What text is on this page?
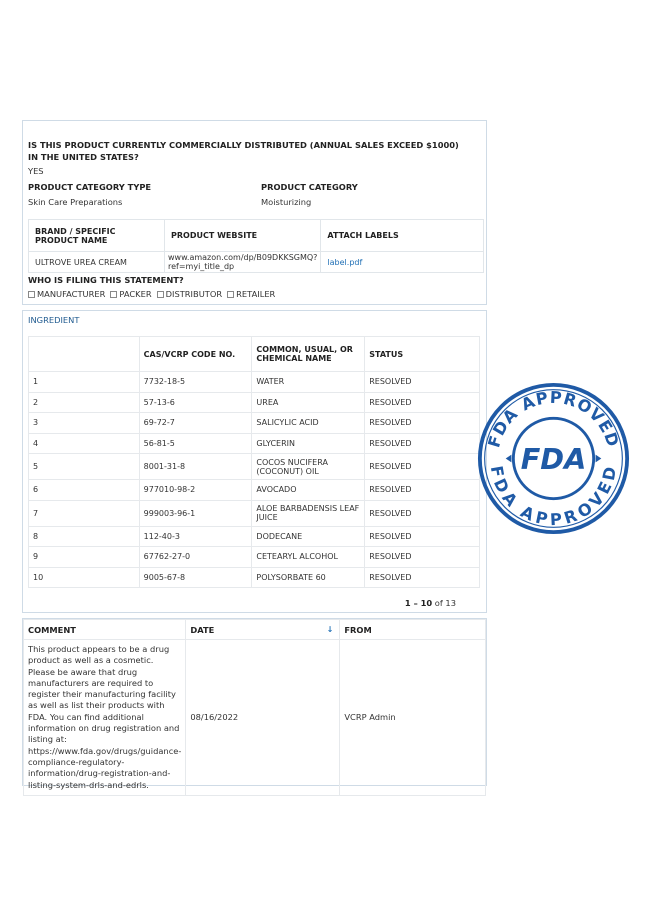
IS THIS PRODUCT CURRENTLY COMMERCIALLY DISTRIBUTED (ANNUAL SALES EXCEED $1000) IN THE UNITED STATES?
YES
PRODUCT CATEGORY TYPE
Skin Care Preparations
PRODUCT CATEGORY
Moisturizing
BRAND / SPECIFIC PRODUCT NAME	PRODUCT WEBSITE	ATTACH LABELS
ULTROVE UREA CREAM	www.amazon.com/dp/B09DKKSGMQ?ref=myi_title_dp	label.pdf
WHO IS FILING THIS STATEMENT?
MANUFACTURER PACKER DISTRIBUTOR RETAILER
INGREDIENT
	CAS/VCRP CODE NO.	COMMON, USUAL, OR CHEMICAL NAME	STATUS
1	7732-18-5	WATER	RESOLVED
2	57-13-6	UREA	RESOLVED
3	69-72-7	SALICYLIC ACID	RESOLVED
4	56-81-5	GLYCERIN	RESOLVED
5	8001-31-8	COCOS NUCIFERA (COCONUT) OIL	RESOLVED
6	977010-98-2	AVOCADO	RESOLVED
7	999003-96-1	ALOE BARBADENSIS LEAF JUICE	RESOLVED
8	112-40-3	DODECANE	RESOLVED
9	67762-27-0	CETEARYL ALCOHOL	RESOLVED
10	9005-67-8	POLYSORBATE 60	RESOLVED
1 – 10 of 13
COMMENT	DATE ↓	FROM
This product appears to be a drug product as well as a cosmetic. Please be aware that drug manufacturers are required to register their manufacturing facility as well as list their products with FDA. You can find additional information on drug registration and listing at: https://www.fda.gov/drugs/guidance-compliance-regulatory-information/drug-registration-and-listing-system-drls-and-edrls.	08/16/2022	VCRP Admin
FDA APPROVED
FDA APPROVED
FDA
